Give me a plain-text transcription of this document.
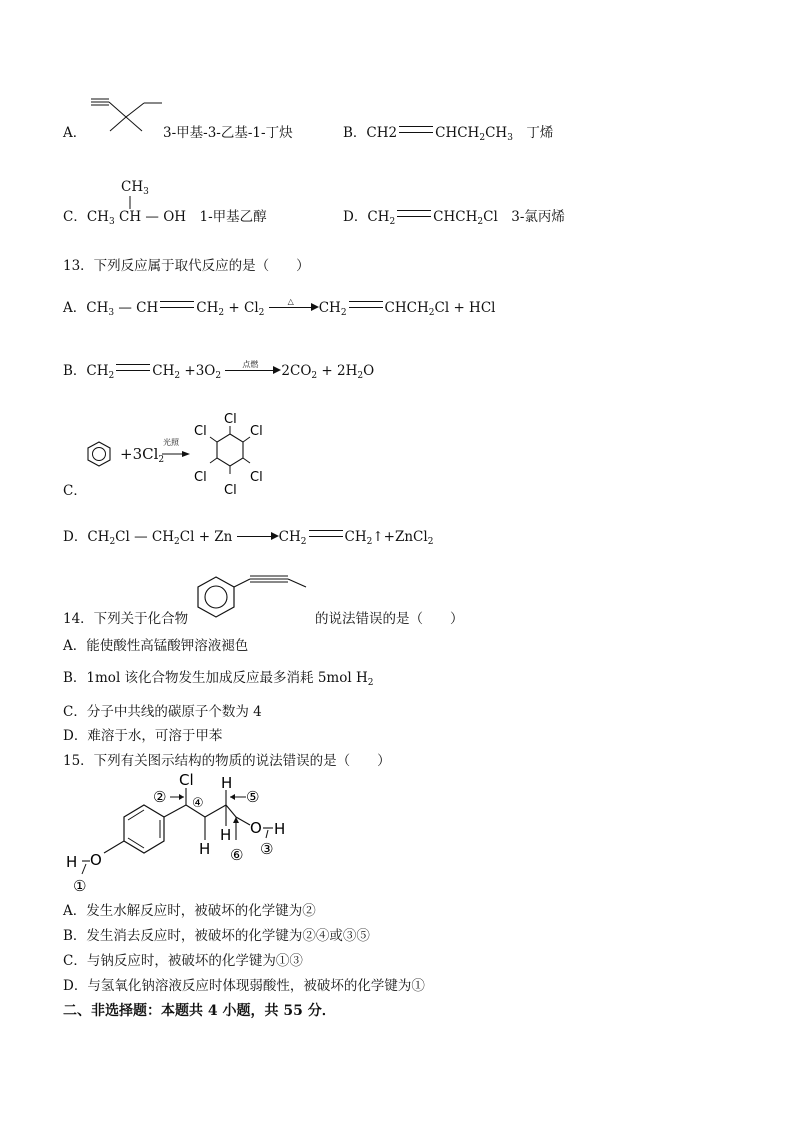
A．	3-甲基-3-乙基-1-丁炔	B．CH2	$CHCH_2CH_3$　 丁烯
$CH_3$
C．$CH_3$ CH — OH　 1-甲基乙醇	D．$CH_2$	$CHCH_2Cl$　 3-氯丙烯
13．下列反应属于取代反应的是（　　）
A．$CH_3$ — CH	$CH_2 + Cl_2$
△	$CH_2$	$CHCH_2Cl$ + HCl
B．$CH_2$	$CH_2 +3O_2$
点燃	$2CO_2 + 2H_2O$
C．
$+3Cl_2$
光照
Cl
Cl
Cl
Cl
Cl
Cl
D．$CH_2Cl$ — $CH_2Cl + Zn$	$CH_2$	$CH_2↑+ZnCl_2$
14．下列关于化合物	的说法错误的是（　　）
A．能使酸性高锰酸钾溶液褪色
B．1mol 该化合物发生加成反应最多消耗 5mol $H_2$
C．分子中共线的碳原子个数为 4
D．难溶于水，可溶于甲苯
15．下列有关图示结构的物质的说法错误的是（　　）
O
H
①
Cl
② ④
H
H
H
⑤
⑥
O H
③
A．发生水解反应时，被破坏的化学键为②
B．发生消去反应时，被破坏的化学键为②④或③⑤
C．与钠反应时，被破坏的化学键为①③
D．与氢氧化钠溶液反应时体现弱酸性，被破坏的化学键为①
二、非选择题：本题共 4 小题，共 55 分．
